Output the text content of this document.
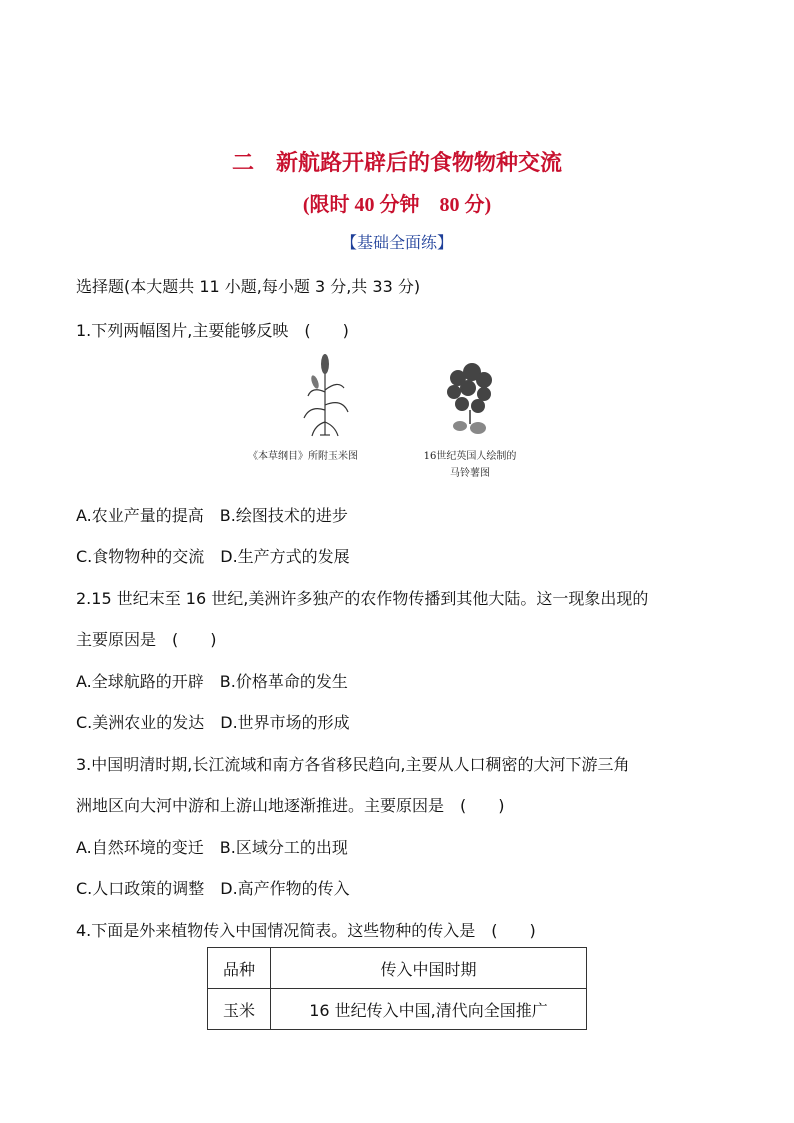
二　新航路开辟后的食物物种交流
(限时 40 分钟　80 分)
【基础全面练】
选择题(本大题共 11 小题,每小题 3 分,共 33 分)
1.下列两幅图片,主要能够反映　(　　)
《本草纲目》所附玉米图	16世纪英国人绘制的
马铃薯图
A.农业产量的提高　B.绘图技术的进步
C.食物物种的交流　D.生产方式的发展
2.15 世纪末至 16 世纪,美洲许多独产的农作物传播到其他大陆。这一现象出现的
主要原因是　(　　)
A.全球航路的开辟　B.价格革命的发生
C.美洲农业的发达　D.世界市场的形成
3.中国明清时期,长江流域和南方各省移民趋向,主要从人口稠密的大河下游三角
洲地区向大河中游和上游山地逐渐推进。主要原因是　(　　)
A.自然环境的变迁　B.区域分工的出现
C.人口政策的调整　D.高产作物的传入
4.下面是外来植物传入中国情况简表。这些物种的传入是　(　　)
品种	传入中国时期
玉米	16 世纪传入中国,清代向全国推广
